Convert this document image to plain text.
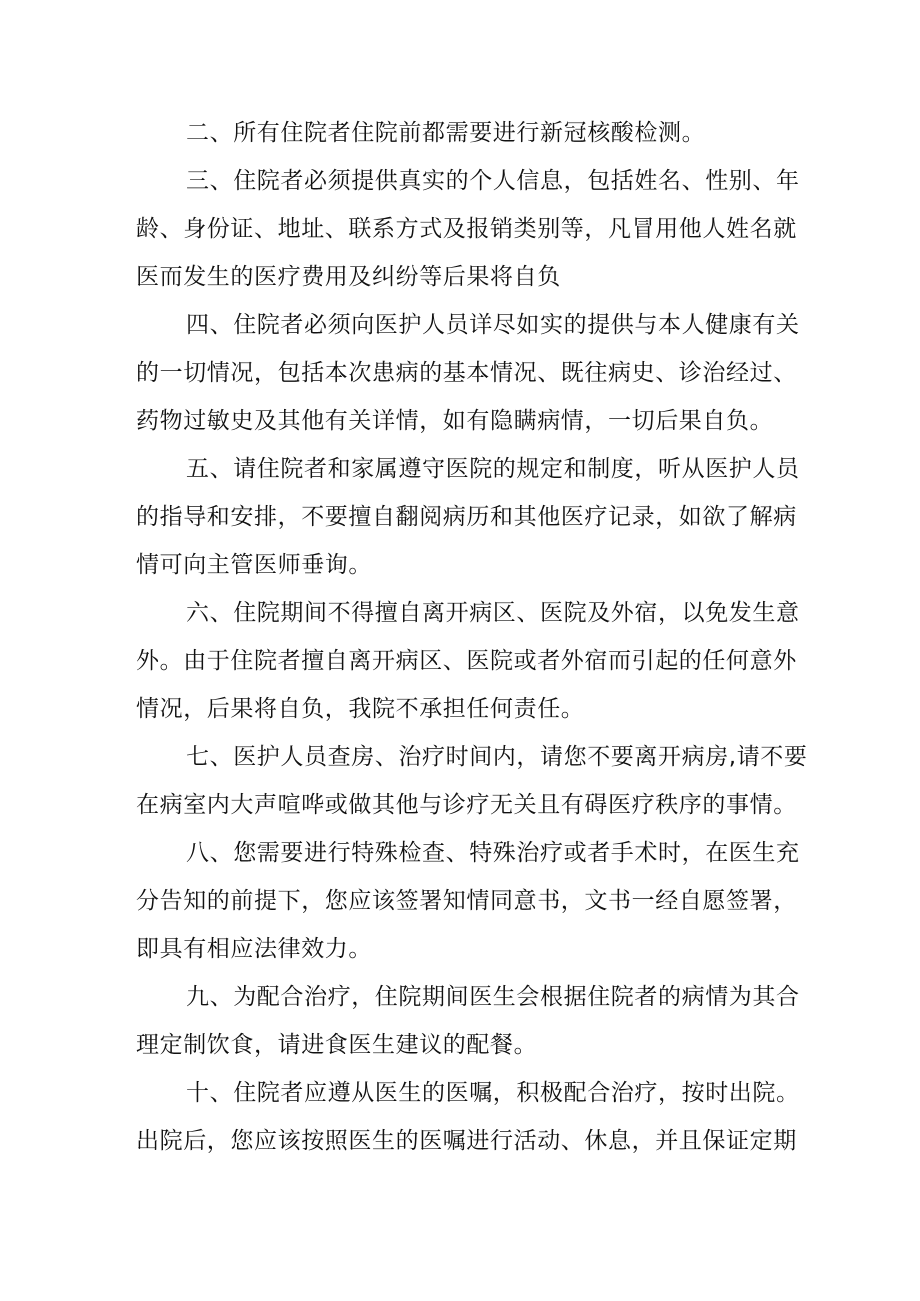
二、所有住院者住院前都需要进行新冠核酸检测。
三、住院者必须提供真实的个人信息，包括姓名、性别、年
龄、身份证、地址、联系方式及报销类别等，凡冒用他人姓名就
医而发生的医疗费用及纠纷等后果将自负
四、住院者必须向医护人员详尽如实的提供与本人健康有关
的一切情况，包括本次患病的基本情况、既往病史、诊治经过、
药物过敏史及其他有关详情，如有隐瞒病情，一切后果自负。
五、请住院者和家属遵守医院的规定和制度，听从医护人员
的指导和安排，不要擅自翻阅病历和其他医疗记录，如欲了解病
情可向主管医师垂询。
六、住院期间不得擅自离开病区、医院及外宿，以免发生意
外。由于住院者擅自离开病区、医院或者外宿而引起的任何意外
情况，后果将自负，我院不承担任何责任。
七、医护人员查房、治疗时间内，请您不要离开病房,请不要
在病室内大声喧哗或做其他与诊疗无关且有碍医疗秩序的事情。
八、您需要进行特殊检查、特殊治疗或者手术时，在医生充
分告知的前提下，您应该签署知情同意书，文书一经自愿签署，
即具有相应法律效力。
九、为配合治疗，住院期间医生会根据住院者的病情为其合
理定制饮食，请进食医生建议的配餐。
十、住院者应遵从医生的医嘱，积极配合治疗，按时出院。
出院后，您应该按照医生的医嘱进行活动、休息，并且保证定期
